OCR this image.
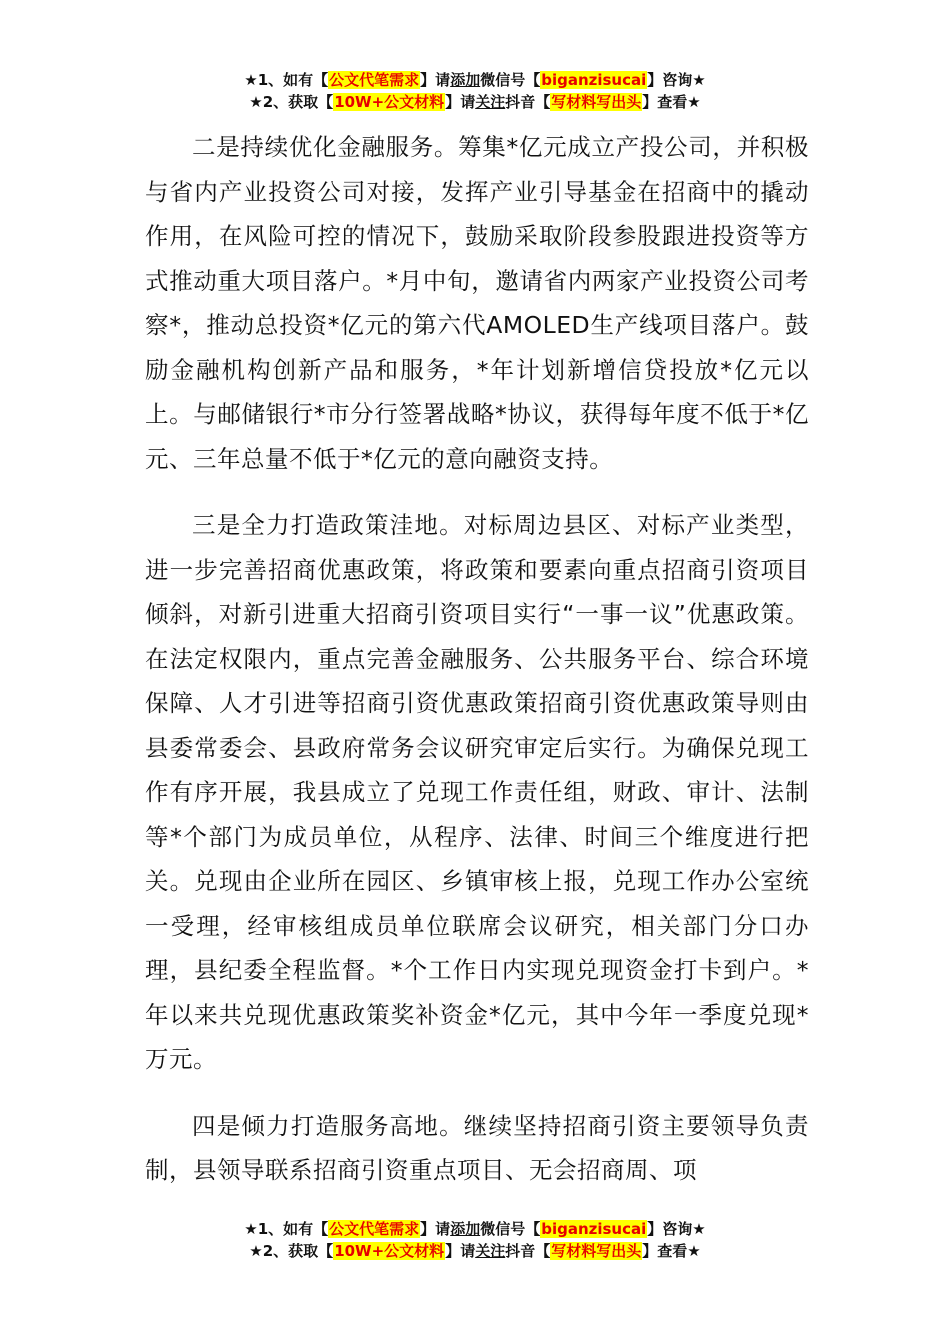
★1、如有【公文代笔需求】请添加微信号【biganzisucai】咨询★
★2、获取【10W+公文材料】请关注抖音【写材料写出头】查看★

二是持续优化金融服务。筹集*亿元成立产投公司，并积极与省内产业投资公司对接，发挥产业引导基金在招商中的撬动作用，在风险可控的情况下，鼓励采取阶段参股跟进投资等方式推动重大项目落户。*月中旬，邀请省内两家产业投资公司考察*，推动总投资*亿元的第六代AMOLED生产线项目落户。鼓励金融机构创新产品和服务，*年计划新增信贷投放*亿元以上。与邮储银行*市分行签署战略*协议，获得每年度不低于*亿元、三年总量不低于*亿元的意向融资支持。

三是全力打造政策洼地。对标周边县区、对标产业类型，进一步完善招商优惠政策，将政策和要素向重点招商引资项目倾斜，对新引进重大招商引资项目实行“一事一议”优惠政策。在法定权限内，重点完善金融服务、公共服务平台、综合环境保障、人才引进等招商引资优惠政策招商引资优惠政策导则由县委常委会、县政府常务会议研究审定后实行。为确保兑现工作有序开展，我县成立了兑现工作责任组，财政、审计、法制等*个部门为成员单位，从程序、法律、时间三个维度进行把关。兑现由企业所在园区、乡镇审核上报，兑现工作办公室统一受理，经审核组成员单位联席会议研究，相关部门分口办理，县纪委全程监督。*个工作日内实现兑现资金打卡到户。*年以来共兑现优惠政策奖补资金*亿元，其中今年一季度兑现*万元。

四是倾力打造服务高地。继续坚持招商引资主要领导负责制，县领导联系招商引资重点项目、无会招商周、项

★1、如有【公文代笔需求】请添加微信号【biganzisucai】咨询★
★2、获取【10W+公文材料】请关注抖音【写材料写出头】查看★
